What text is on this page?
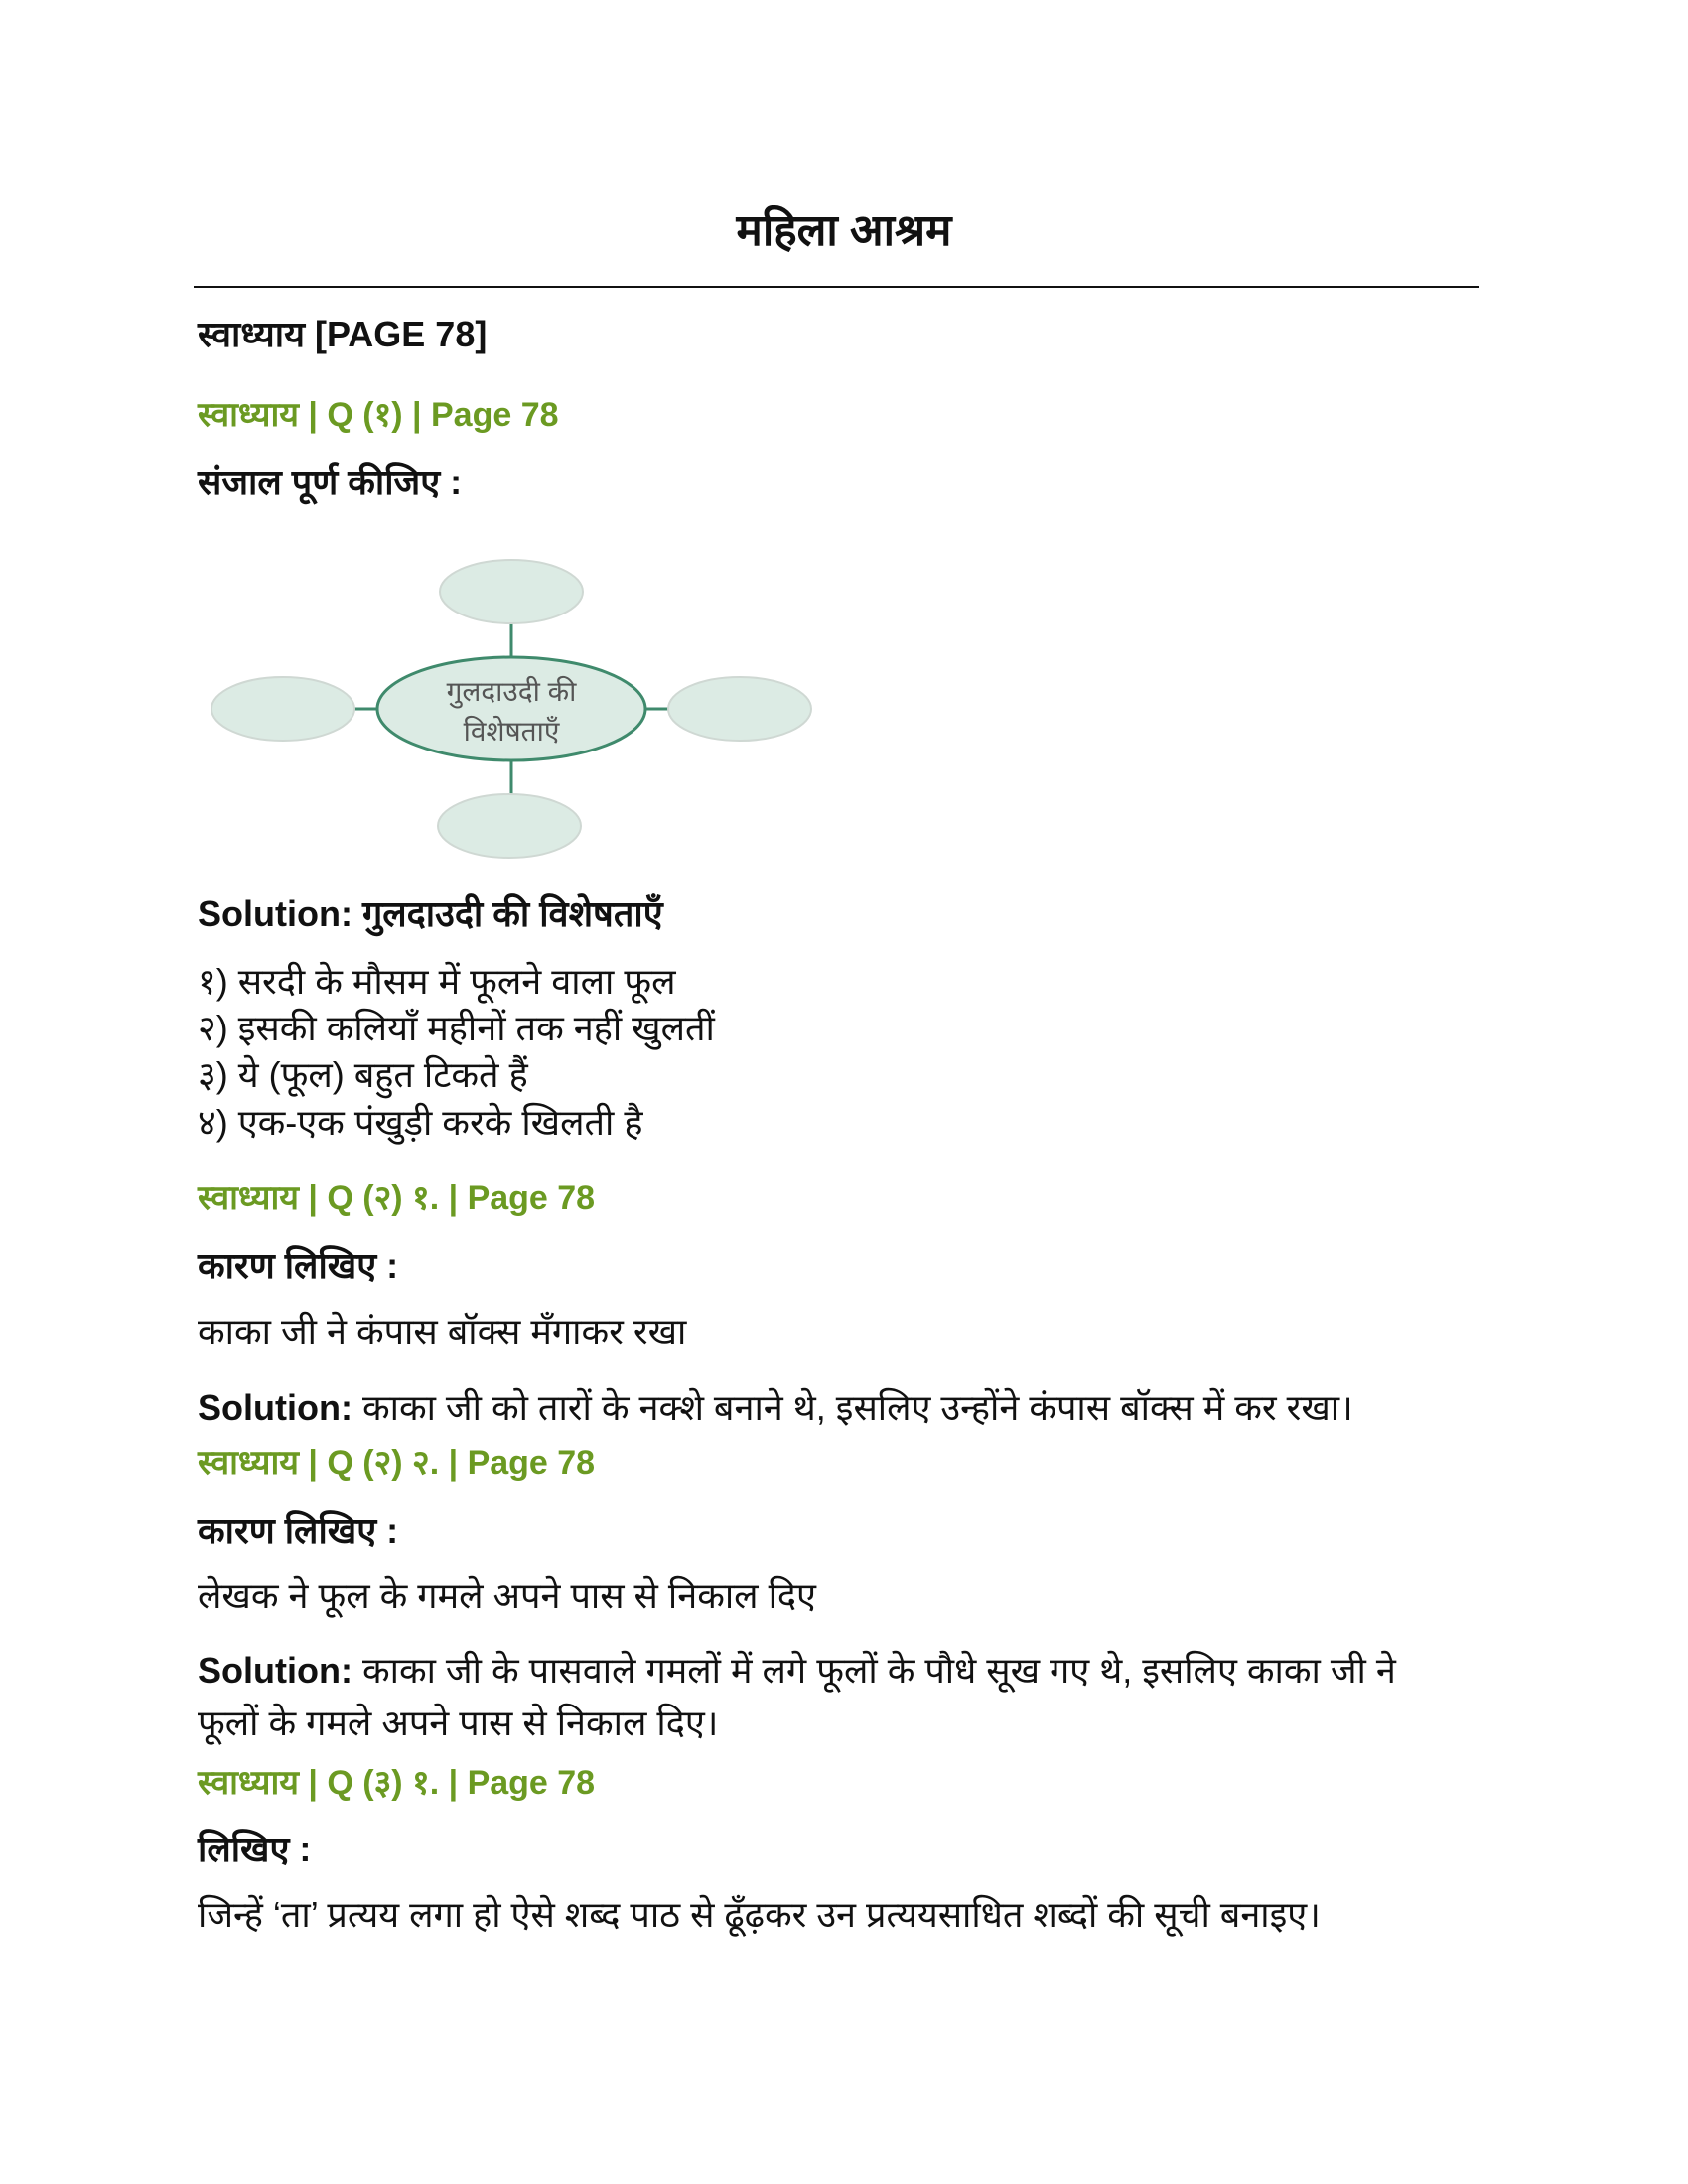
महिला आश्रम
स्वाध्याय [PAGE 78]
स्वाध्याय | Q (१) | Page 78
संजाल पूर्ण कीजिए :
गुलदाउदी की
विशेषताएँ
Solution: गुलदाउदी की विशेषताएँ
१) सरदी के मौसम में फूलने वाला फूल
२) इसकी कलियाँ महीनों तक नहीं खुलतीं
३) ये (फूल) बहुत टिकते हैं
४) एक-एक पंखुड़ी करके खिलती है
स्वाध्याय | Q (२) १. | Page 78
कारण लिखिए :
काका जी ने कंपास बॉक्स मँगाकर रखा
Solution: काका जी को तारों के नक्शे बनाने थे, इसलिए उन्होंने कंपास बॉक्स में कर रखा।
स्वाध्याय | Q (२) २. | Page 78
कारण लिखिए :
लेखक ने फूल के गमले अपने पास से निकाल दिए
Solution: काका जी के पासवाले गमलों में लगे फूलों के पौधे सूख गए थे, इसलिए काका जी ने
फूलों के गमले अपने पास से निकाल दिए।
स्वाध्याय | Q (३) १. | Page 78
लिखिए :
जिन्हें ‘ता’ प्रत्यय लगा हो ऐसे शब्द पाठ से ढूँढ़कर उन प्रत्ययसाधित शब्दों की सूची बनाइए।
